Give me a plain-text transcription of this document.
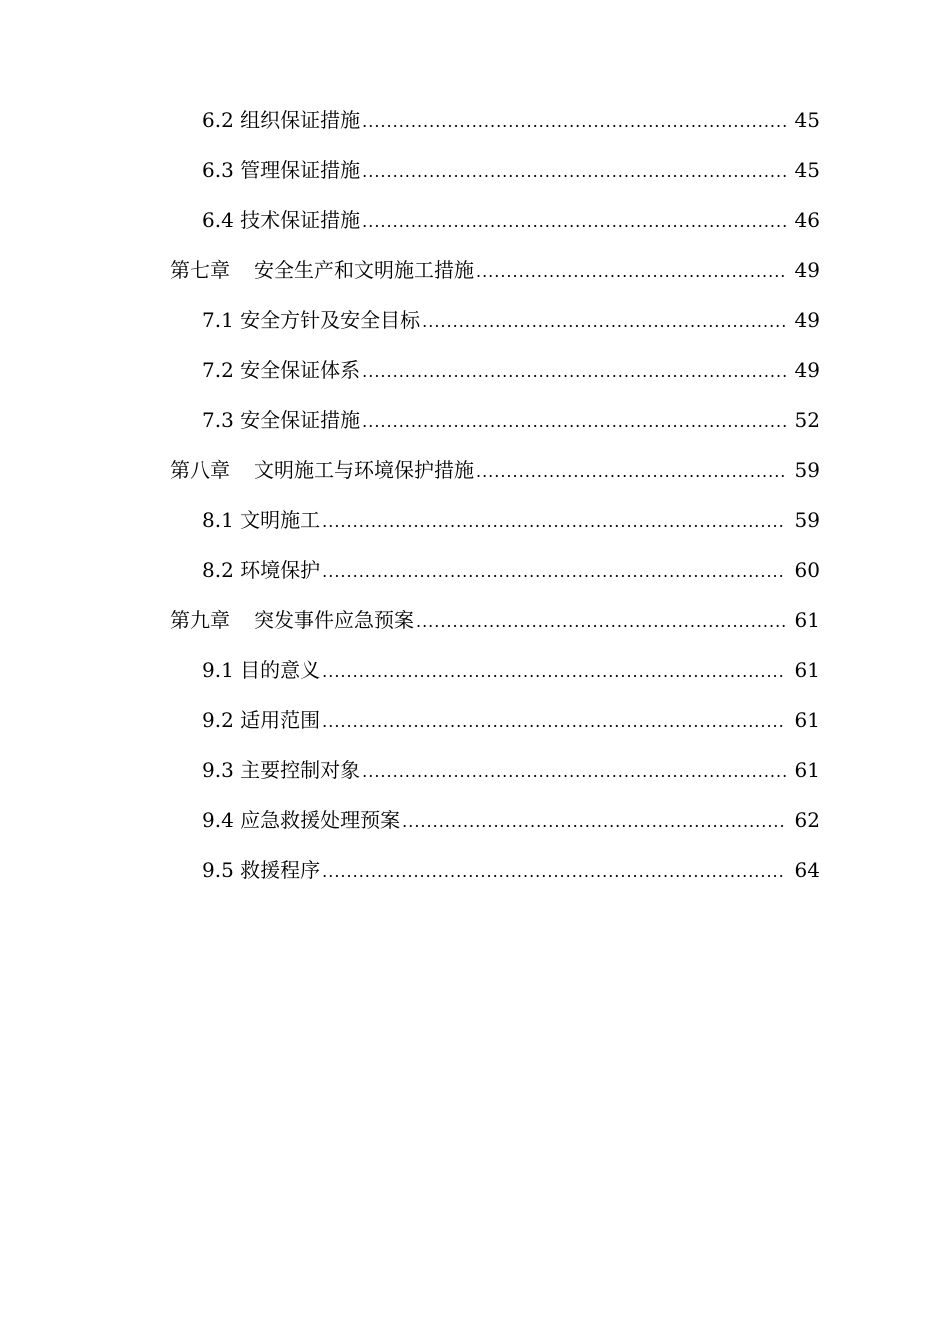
6.2 组织保证措施 .....	45
6.3 管理保证措施 .....	45
6.4 技术保证措施 .....	46
第七章 安全生产和文明施工措施 .....	49
7.1 安全方针及安全目标 .....	49
7.2 安全保证体系 .....	49
7.3 安全保证措施 .....	52
第八章 文明施工与环境保护措施 .....	59
8.1 文明施工 .....	59
8.2 环境保护 .....	60
第九章 突发事件应急预案 .....	61
9.1 目的意义 .....	61
9.2 适用范围 .....	61
9.3 主要控制对象 .....	61
9.4 应急救援处理预案 .....	62
9.5 救援程序 .....	64
